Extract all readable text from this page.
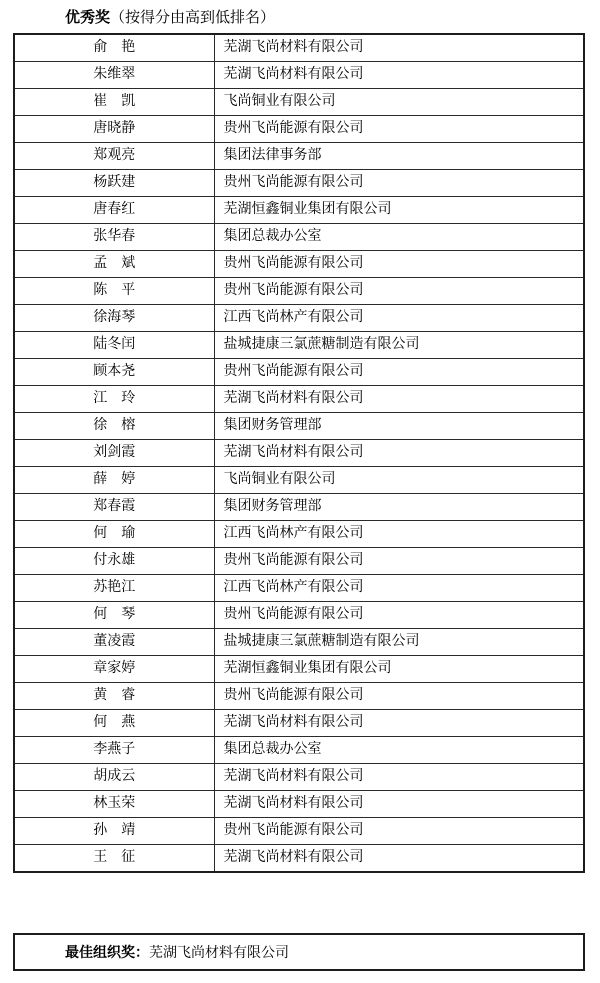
优秀奖（按得分由高到低排名）
俞　艳	芜湖飞尚材料有限公司
朱维翠	芜湖飞尚材料有限公司
崔　凯	飞尚铜业有限公司
唐晓静	贵州飞尚能源有限公司
郑观亮	集团法律事务部
杨跃建	贵州飞尚能源有限公司
唐春红	芜湖恒鑫铜业集团有限公司
张华春	集团总裁办公室
孟　斌	贵州飞尚能源有限公司
陈　平	贵州飞尚能源有限公司
徐海琴	江西飞尚林产有限公司
陆冬闰	盐城捷康三氯蔗糖制造有限公司
顾本尧	贵州飞尚能源有限公司
江　玲	芜湖飞尚材料有限公司
徐　榕	集团财务管理部
刘剑霞	芜湖飞尚材料有限公司
薛　婷	飞尚铜业有限公司
郑春霞	集团财务管理部
何　瑜	江西飞尚林产有限公司
付永雄	贵州飞尚能源有限公司
苏艳江	江西飞尚林产有限公司
何　琴	贵州飞尚能源有限公司
董凌霞	盐城捷康三氯蔗糖制造有限公司
章家婷	芜湖恒鑫铜业集团有限公司
黄　睿	贵州飞尚能源有限公司
何　燕	芜湖飞尚材料有限公司
李燕子	集团总裁办公室
胡成云	芜湖飞尚材料有限公司
林玉荣	芜湖飞尚材料有限公司
孙　靖	贵州飞尚能源有限公司
王　征	芜湖飞尚材料有限公司
最佳组织奖： 芜湖飞尚材料有限公司
